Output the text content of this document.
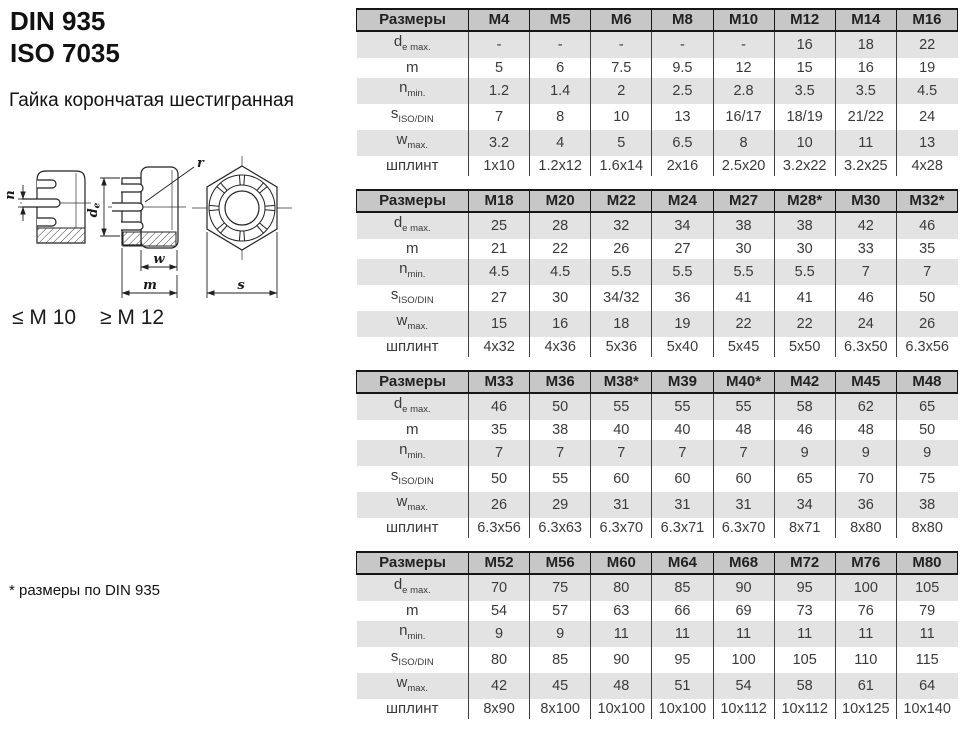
DIN 935
ISO 7035
Гайка корончатая шестигранная
n
de
r
w
m	s
≤ M 10 ≥ M 12
* размеры по DIN 935
Размеры	M4	M5	M6	M8	M10	M12	M14	M16
$d_{e max.}$	-	-	-	-	-	16	18	22
m	5	6	7.5	9.5	12	15	16	19
$n_{min.}$	1.2	1.4	2	2.5	2.8	3.5	3.5	4.5
$s_{ISO/DIN}$	7	8	10	13	16/17	18/19	21/22	24
$w_{max.}$	3.2	4	5	6.5	8	10	11	13
шплинт	1x10	1.2x12	1.6x14	2x16	2.5x20	3.2x22	3.2x25	4x28
Размеры	M18	M20	M22	M24	M27	M28*	M30	M32*
$d_{e max.}$	25	28	32	34	38	38	42	46
m	21	22	26	27	30	30	33	35
$n_{min.}$	4.5	4.5	5.5	5.5	5.5	5.5	7	7
$s_{ISO/DIN}$	27	30	34/32	36	41	41	46	50
$w_{max.}$	15	16	18	19	22	22	24	26
шплинт	4x32	4x36	5x36	5x40	5x45	5x50	6.3x50	6.3x56
Размеры	M33	M36	M38*	M39	M40*	M42	M45	M48
$d_{e max.}$	46	50	55	55	55	58	62	65
m	35	38	40	40	48	46	48	50
$n_{min.}$	7	7	7	7	7	9	9	9
$s_{ISO/DIN}$	50	55	60	60	60	65	70	75
$w_{max.}$	26	29	31	31	31	34	36	38
шплинт	6.3x56	6.3x63	6.3x70	6.3x71	6.3x70	8x71	8x80	8x80
Размеры	M52	M56	M60	M64	M68	M72	M76	M80
$d_{e max.}$	70	75	80	85	90	95	100	105
m	54	57	63	66	69	73	76	79
$n_{min.}$	9	9	11	11	11	11	11	11
$s_{ISO/DIN}$	80	85	90	95	100	105	110	115
$w_{max.}$	42	45	48	51	54	58	61	64
шплинт	8x90	8x100	10x100	10x100	10x112	10x112	10x125	10x140
